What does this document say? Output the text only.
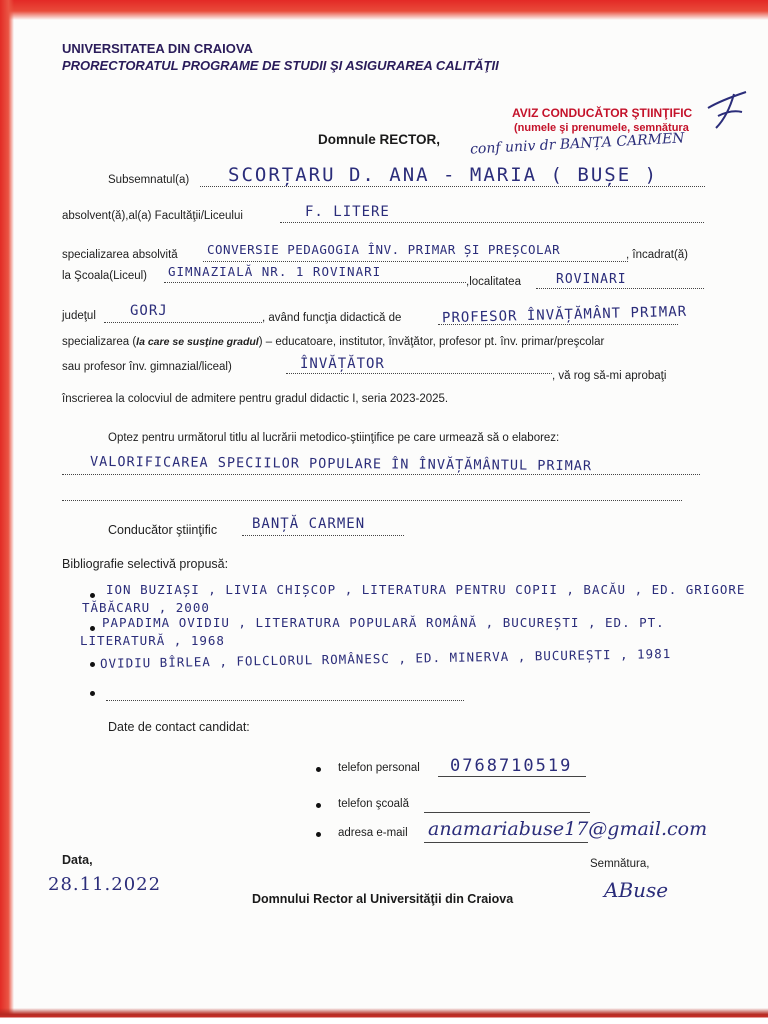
UNIVERSITATEA DIN CRAIOVA
PRORECTORATUL PROGRAME DE STUDII ŞI ASIGURAREA CALITĂŢII
AVIZ CONDUCĂTOR ŞTIINŢIFIC
(numele şi prenumele, semnătura
conf univ dr BANȚA CARMEN
Domnule RECTOR,
Subsemnatul(a) SCORȚARU D. ANA - MARIA ( BUȘE )
absolvent(ă),al(a) Facultăţii/Liceului	F. LITERE
specializarea absolvită CONVERSIE PEDAGOGIA ÎNV. PRIMAR ȘI PREȘCOLAR	, încadrat(ă)
la Şcoala(Liceul) GIMNAZIALĂ NR. 1 ROVINARI
,localitatea	ROVINARI
judeţul GORJ	, având funcţia didactică de	PROFESOR ÎNVĂȚĂMÂNT PRIMAR
specializarea (la care se susţine gradul) – educatoare, institutor, învăţător, profesor pt. înv. primar/preşcolar
sau profesor înv. gimnazial/liceal)	ÎNVĂȚĂTOR
, vă rog să-mi aprobaţi
înscrierea la colocviul de admitere pentru gradul didactic I, seria 2023-2025.
Optez pentru următorul titlu al lucrării metodico-ştiinţifice pe care urmează să o elaborez:
VALORIFICAREA SPECIILOR POPULARE ÎN ÎNVĂȚĂMÂNTUL PRIMAR
Conducător ştiinţific BANȚĂ CARMEN
Bibliografie selectivă propusă:
ION BUZIAȘI , LIVIA CHIȘCOP , LITERATURA PENTRU COPII , BACĂU , ED. GRIGORE
TĂBĂCARU , 2000
PAPADIMA OVIDIU , LITERATURA POPULARĂ ROMÂNĂ , BUCUREȘTI , ED. PT.
LITERATURĂ , 1968
OVIDIU BÎRLEA , FOLCLORUL ROMÂNESC , ED. MINERVA , BUCUREȘTI , 1981
Date de contact candidat:
telefon personal 0768710519
telefon şcoală
adresa e-mail anamariabuse17@gmail.com
Data,
28.11.2022
Semnătura,
ABuse
Domnului Rector al Universităţii din Craiova
